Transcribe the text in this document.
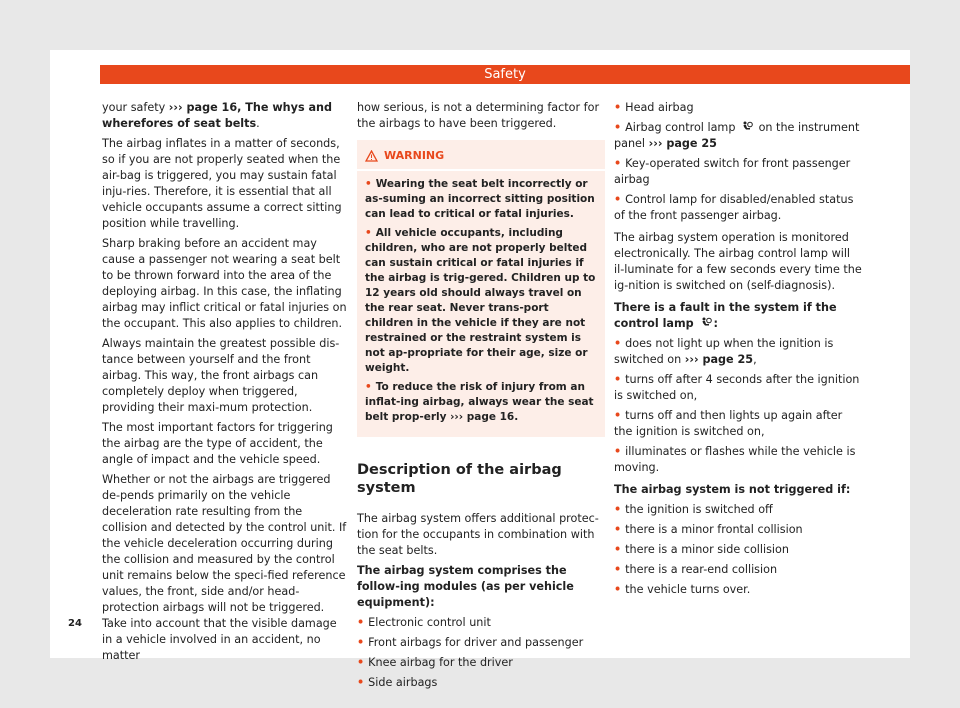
Safety

your safety ››› page 16, The whys and wherefores of seat belts.

The airbag inflates in a matter of seconds, so if you are not properly seated when the air-bag is triggered, you may sustain fatal inju-ries. Therefore, it is essential that all vehicle occupants assume a correct sitting position while travelling.

Sharp braking before an accident may cause a passenger not wearing a seat belt to be thrown forward into the area of the deploying airbag. In this case, the inflating airbag may inflict critical or fatal injuries on the occupant. This also applies to children.

Always maintain the greatest possible dis-tance between yourself and the front airbag. This way, the front airbags can completely deploy when triggered, providing their maxi-mum protection.

The most important factors for triggering the airbag are the type of accident, the angle of impact and the vehicle speed.

Whether or not the airbags are triggered de-pends primarily on the vehicle deceleration rate resulting from the collision and detected by the control unit. If the vehicle deceleration occurring during the collision and measured by the control unit remains below the speci-fied reference values, the front, side and/or head-protection airbags will not be triggered. Take into account that the visible damage in a vehicle involved in an accident, no matter

how serious, is not a determining factor for the airbags to have been triggered.

WARNING

• Wearing the seat belt incorrectly or as-suming an incorrect sitting position can lead to critical or fatal injuries.

• All vehicle occupants, including children, who are not properly belted can sustain critical or fatal injuries if the airbag is trig-gered. Children up to 12 years old should always travel on the rear seat. Never trans-port children in the vehicle if they are not restrained or the restraint system is not ap-propriate for their age, size or weight.

• To reduce the risk of injury from an inflat-ing airbag, always wear the seat belt prop-erly ››› page 16.

Description of the airbag system

The airbag system offers additional protec-tion for the occupants in combination with the seat belts.

The airbag system comprises the follow-ing modules (as per vehicle equipment):

• Electronic control unit

• Front airbags for driver and passenger

• Knee airbag for the driver

• Side airbags

• Head airbag

• Airbag control lamp on the instrument panel ››› page 25

• Key-operated switch for front passenger airbag

• Control lamp for disabled/enabled status of the front passenger airbag.

The airbag system operation is monitored electronically. The airbag control lamp will il-luminate for a few seconds every time the ig-nition is switched on (self-diagnosis).

There is a fault in the system if the control lamp :

• does not light up when the ignition is switched on ››› page 25,

• turns off after 4 seconds after the ignition is switched on,

• turns off and then lights up again after the ignition is switched on,

• illuminates or flashes while the vehicle is moving.

The airbag system is not triggered if:

• the ignition is switched off

• there is a minor frontal collision

• there is a minor side collision

• there is a rear-end collision

• the vehicle turns over.

24
